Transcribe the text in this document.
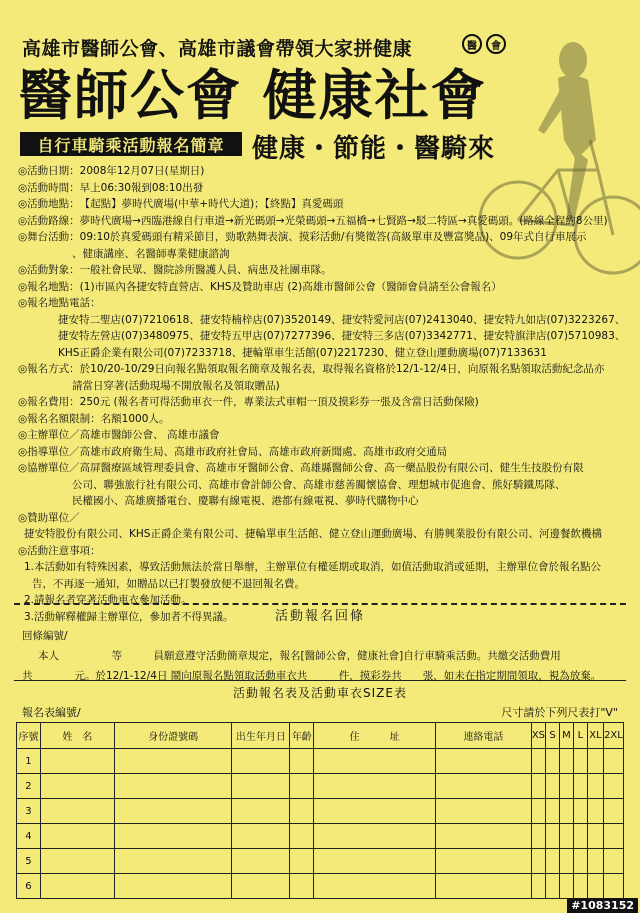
高雄市醫師公會、高雄市議會帶領大家拼健康	醫	會
醫師公會 健康社會
自行車騎乘活動報名簡章	健康・節能・醫騎來
◎活動日期： 2008年12月07日(星期日)
◎活動時間： 早上06:30報到08:10出發
◎活動地點： 【起點】夢時代廣場(中華+時代大道)；【終點】真愛碼頭
◎活動路線： 夢時代廣場→西臨港線自行車道→新光碼頭→光榮碼頭→五福橋→七賢路→駁二特區→真愛碼頭。(路線全程約8公里)
◎舞台活動： 09:10於真愛碼頭有精采節目，勁歌熱舞表演、摸彩活動/有獎徵答(高級單車及豐富獎品)、09年式自行車展示
、健康講座、名醫師專業健康諮詢
◎活動對象： 一般社會民眾、醫院診所醫護人員、病患及社團車隊。
◎報名地點： (1)市區內各捷安特直營店、KHS及贊助車店 (2)高雄市醫師公會（醫師會員請至公會報名）
◎報名地點電話：
捷安特二聖店(07)7210618、捷安特楠梓店(07)3520149、捷安特愛河店(07)2413040、捷安特九如店(07)3223267、
捷安特左營店(07)3480975、捷安特五甲店(07)7277396、捷安特三多店(07)3342771、捷安特旗津店(07)5710983、
KHS正爵企業有限公司(07)7233718、捷輪單車生活館(07)2217230、健立登山運動廣場(07)7133631
◎報名方式： 於10/20-10/29日向報名點領取報名簡章及報名表，取得報名資格於12/1-12/4日，向原報名點領取活動紀念品亦
請當日穿著(活動現場不開放報名及領取贈品)
◎報名費用： 250元 (報名者可得活動車衣一件，專業法式車帽一頂及摸彩券一張及含當日活動保險)
◎報名名額限制： 名額1000人。
◎主辦單位／ 高雄市醫師公會、 高雄市議會
◎指導單位／ 高雄市政府衛生局、高雄市政府社會局、高雄市政府新聞處、高雄市政府交通局
◎協辦單位／ 高屏醫療區域管理委員會、高雄市牙醫師公會、高雄縣醫師公會、高一藥品股份有限公司、健生生技股份有限
公司、聯強旅行社有限公司、高雄市會計師公會、高雄市慈善關懷協會、理想城市促進會、熊好騎鐵馬隊、
民權國小、高雄廣播電台、慶聯有線電視、港都有線電視、夢時代購物中心
◎贊助單位／
捷安特股份有限公司、KHS正爵企業有限公司、捷輪單車生活館、健立登山運動廣場、有勝興業股份有限公司、河邊餐飲機構
◎活動注意事項：
1.本活動如有特殊因素，導致活動無法於當日舉辦，主辦單位有權延期或取消，如值活動取消或延期，主辦單位會於報名點公
告，不再逐一通知，如贈品以已打製發放便不退回報名費。
2.請報名者穿著活動車衣參加活動。
3.活動解釋權歸主辦單位，參加者不得異議。	活動報名回條
回條編號/
本人　　　　　等　　　員願意遵守活動簡章規定，報名[醫師公會，健康社會]自行車騎乘活動。共繳交活動費用
共　　　　元。於12/1-12/4日 鬧向原報名點領取活動車衣共　　　件，摸彩券共　　張，如未在指定期間領取，視為放棄。
活動報名表及活動車衣SIZE表
報名表編號/	尺寸請於下列尺表打"V"
序號	姓　名	身份證號碼	出生年月日	年齡	住　　　址	連絡電話	XS	S	M	L	XL	2XL
1												
2												
3												
4												
5												
6												
#1083152
